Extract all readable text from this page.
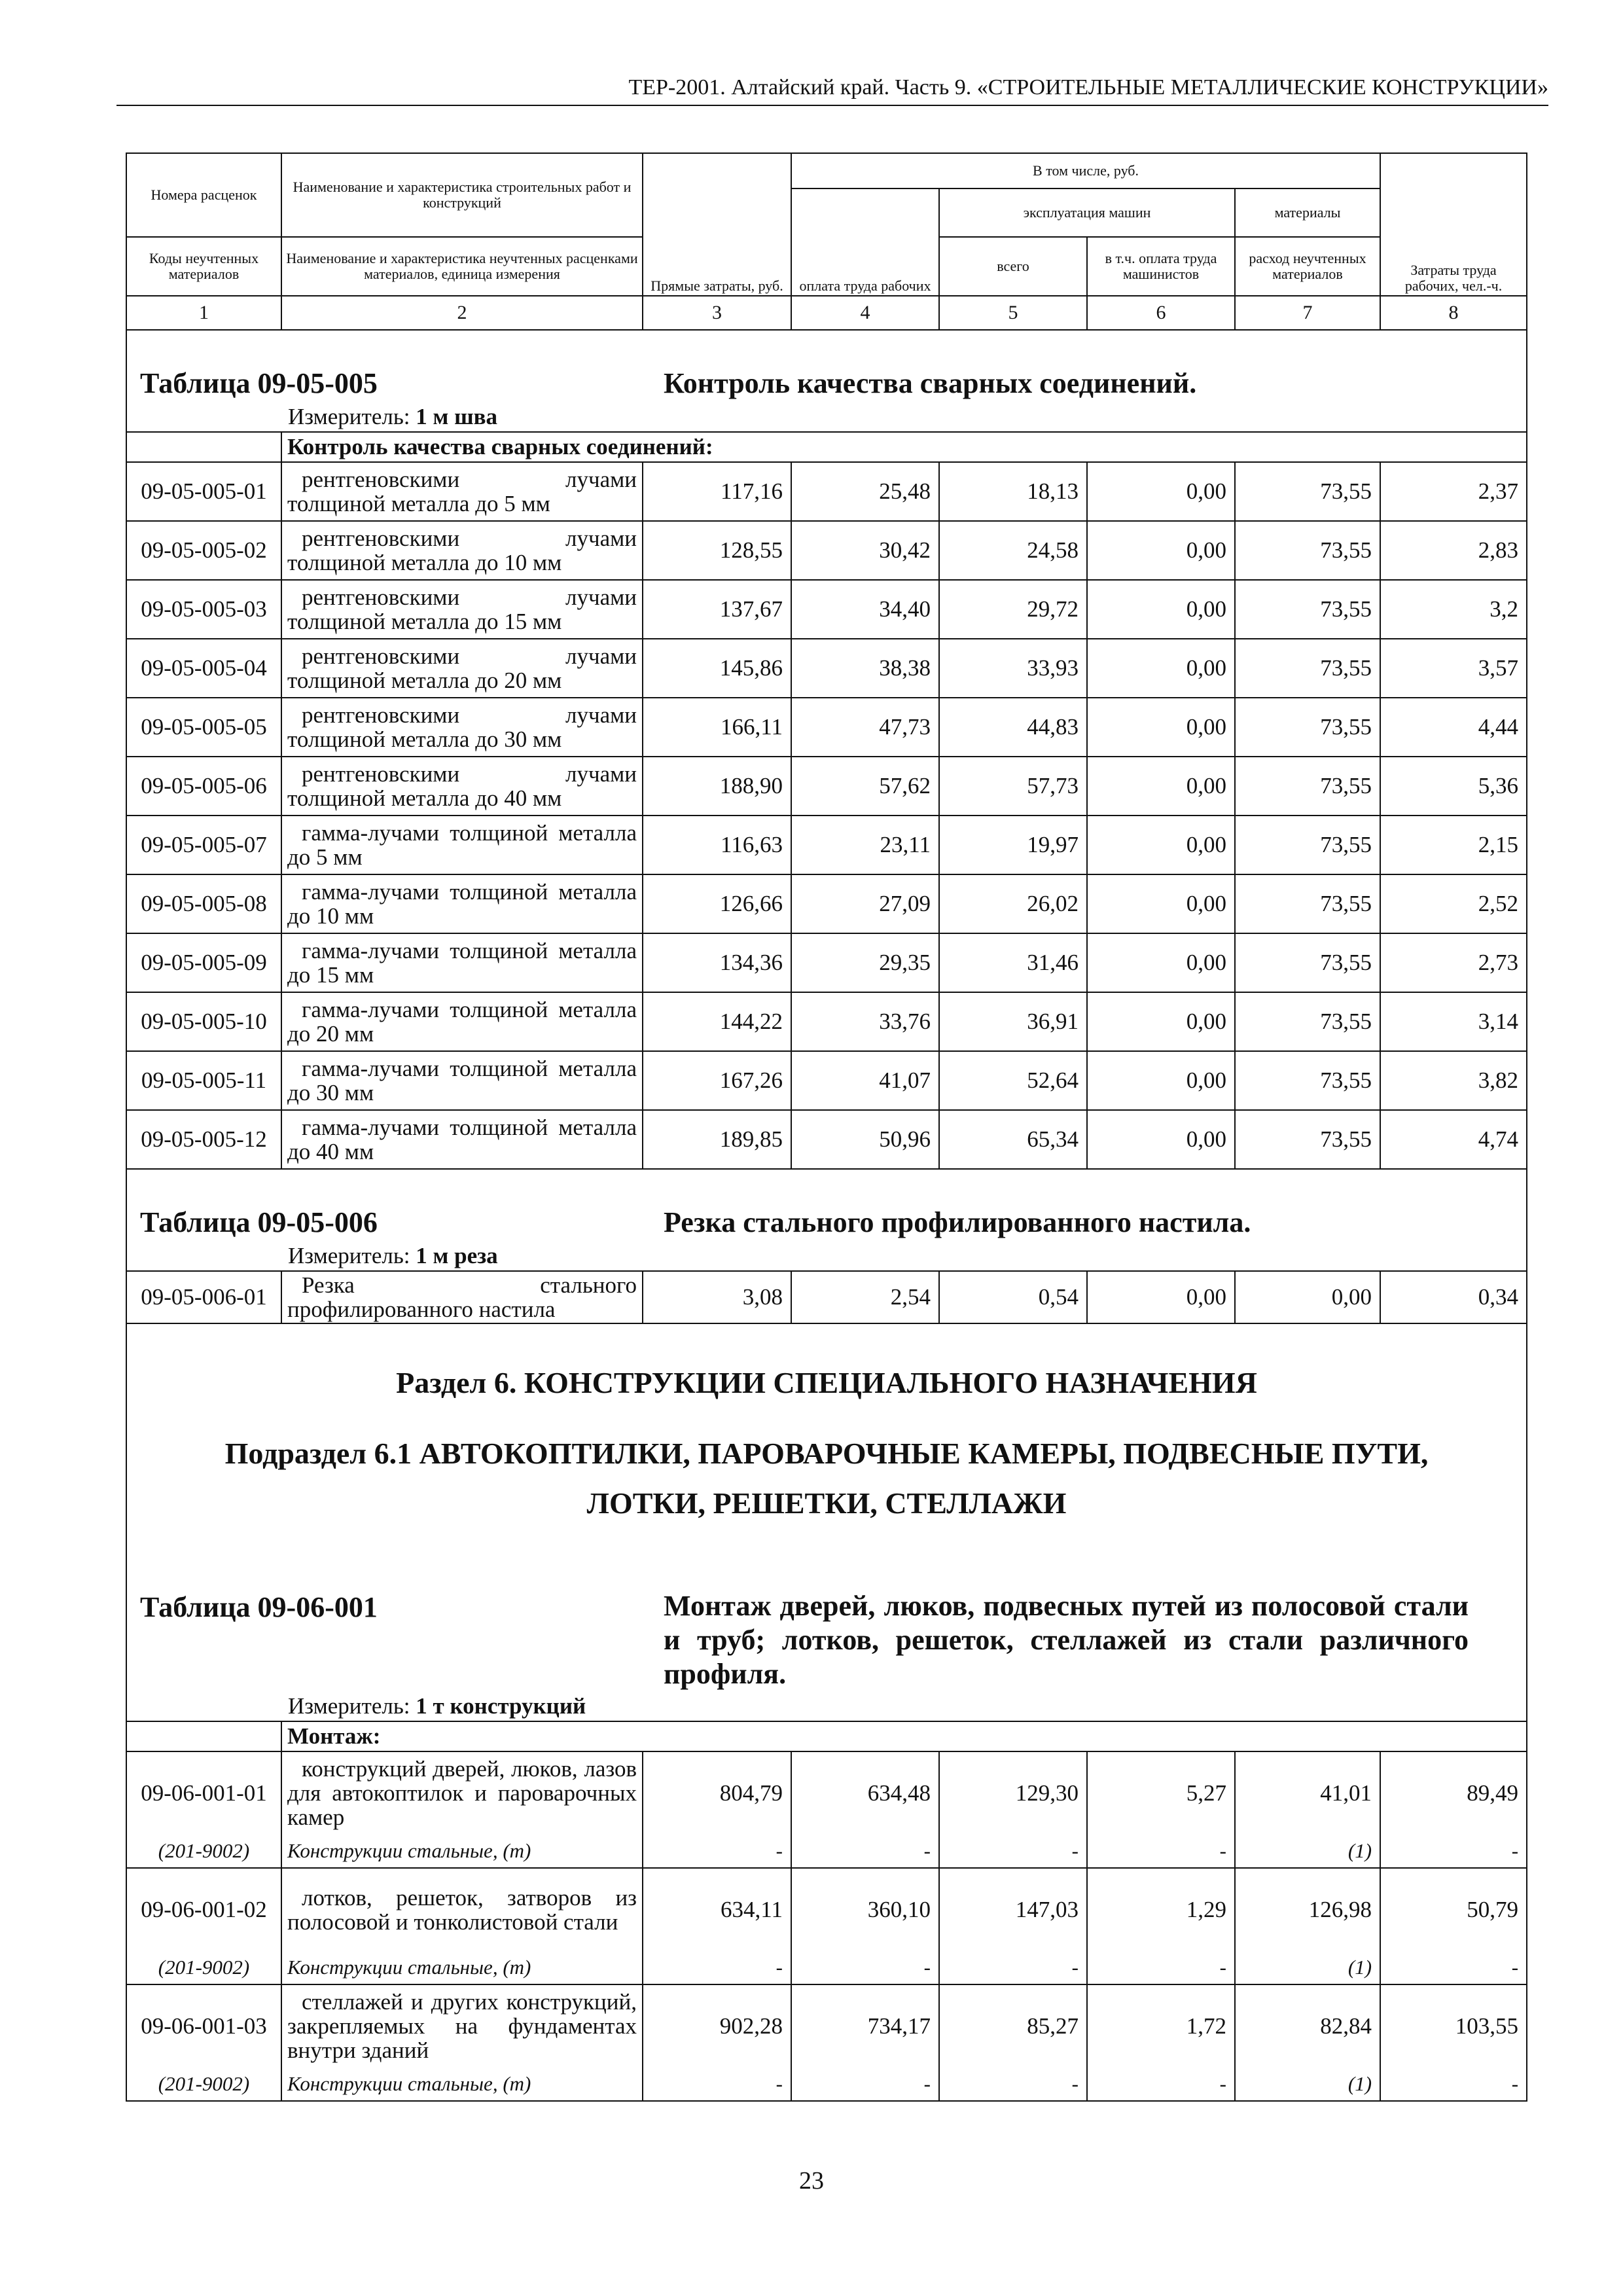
ТЕР-2001. Алтайский край. Часть 9. «СТРОИТЕЛЬНЫЕ МЕТАЛЛИЧЕСКИЕ КОНСТРУКЦИИ»
Номера расценок	Наименование и характеристика строительных работ и конструкций	Прямые затраты, руб.	В том числе, руб.				Затраты труда рабочих, чел.-ч.
			оплата труда рабочих	эксплуатация машин		материалы	
Коды неучтенных материалов	Наименование и характеристика неучтенных расценками материалов, единица измерения			всего	в т.ч. оплата труда машинистов	расход неучтенных материалов	
1	2	3	4	5	6	7	8

Таблица 09-05-005 Контроль качества сварных соединений.							

	Измеритель: 1 м шва						
	Контроль качества сварных соединений:						
09-05-005-01	рентгеновскими лучами толщиной металла до 5 мм	117,16	25,48	18,13	0,00	73,55	2,37
09-05-005-02	рентгеновскими лучами толщиной металла до 10 мм	128,55	30,42	24,58	0,00	73,55	2,83
09-05-005-03	рентгеновскими лучами толщиной металла до 15 мм	137,67	34,40	29,72	0,00	73,55	3,2
09-05-005-04	рентгеновскими лучами толщиной металла до 20 мм	145,86	38,38	33,93	0,00	73,55	3,57
09-05-005-05	рентгеновскими лучами толщиной металла до 30 мм	166,11	47,73	44,83	0,00	73,55	4,44
09-05-005-06	рентгеновскими лучами толщиной металла до 40 мм	188,90	57,62	57,73	0,00	73,55	5,36
09-05-005-07	гамма-лучами толщиной металла до 5 мм	116,63	23,11	19,97	0,00	73,55	2,15
09-05-005-08	гамма-лучами толщиной металла до 10 мм	126,66	27,09	26,02	0,00	73,55	2,52
09-05-005-09	гамма-лучами толщиной металла до 15 мм	134,36	29,35	31,46	0,00	73,55	2,73
09-05-005-10	гамма-лучами толщиной металла до 20 мм	144,22	33,76	36,91	0,00	73,55	3,14
09-05-005-11	гамма-лучами толщиной металла до 30 мм	167,26	41,07	52,64	0,00	73,55	3,82
09-05-005-12	гамма-лучами толщиной металла до 40 мм	189,85	50,96	65,34	0,00	73,55	4,74

Таблица 09-05-006 Резка стального профилированного настила.							

	Измеритель: 1 м реза						
09-05-006-01	Резка стального профилированного настила	3,08	2,54	0,54	0,00	0,00	0,34

Раздел 6. КОНСТРУКЦИИ СПЕЦИАЛЬНОГО НАЗНАЧЕНИЯ
Подраздел 6.1 АВТОКОПТИЛКИ, ПАРОВАРОЧНЫЕ КАМЕРЫ, ПОДВЕСНЫЕ ПУТИ,
ЛОТКИ, РЕШЕТКИ, СТЕЛЛАЖИ							

Таблица 09-06-001 Монтаж дверей, люков, подвесных путей из полосовой стали и труб; лотков, решеток, стеллажей из стали различного профиля.							

	Измеритель: 1 т конструкций						
	Монтаж:						
09-06-001-01	конструкций дверей, люков, лазов для автокоптилок и пароварочных камер	804,79	634,48	129,30	5,27	41,01	89,49
(201-9002)	Конструкции стальные, (т)	-	-	-	-	(1)	-
09-06-001-02	лотков, решеток, затворов из полосовой и тонколистовой стали	634,11	360,10	147,03	1,29	126,98	50,79
(201-9002)	Конструкции стальные, (т)	-	-	-	-	(1)	-
09-06-001-03	стеллажей и других конструкций, закрепляемых на фундаментах внутри зданий	902,28	734,17	85,27	1,72	82,84	103,55
(201-9002)	Конструкции стальные, (т)	-	-	-	-	(1)	-
23
